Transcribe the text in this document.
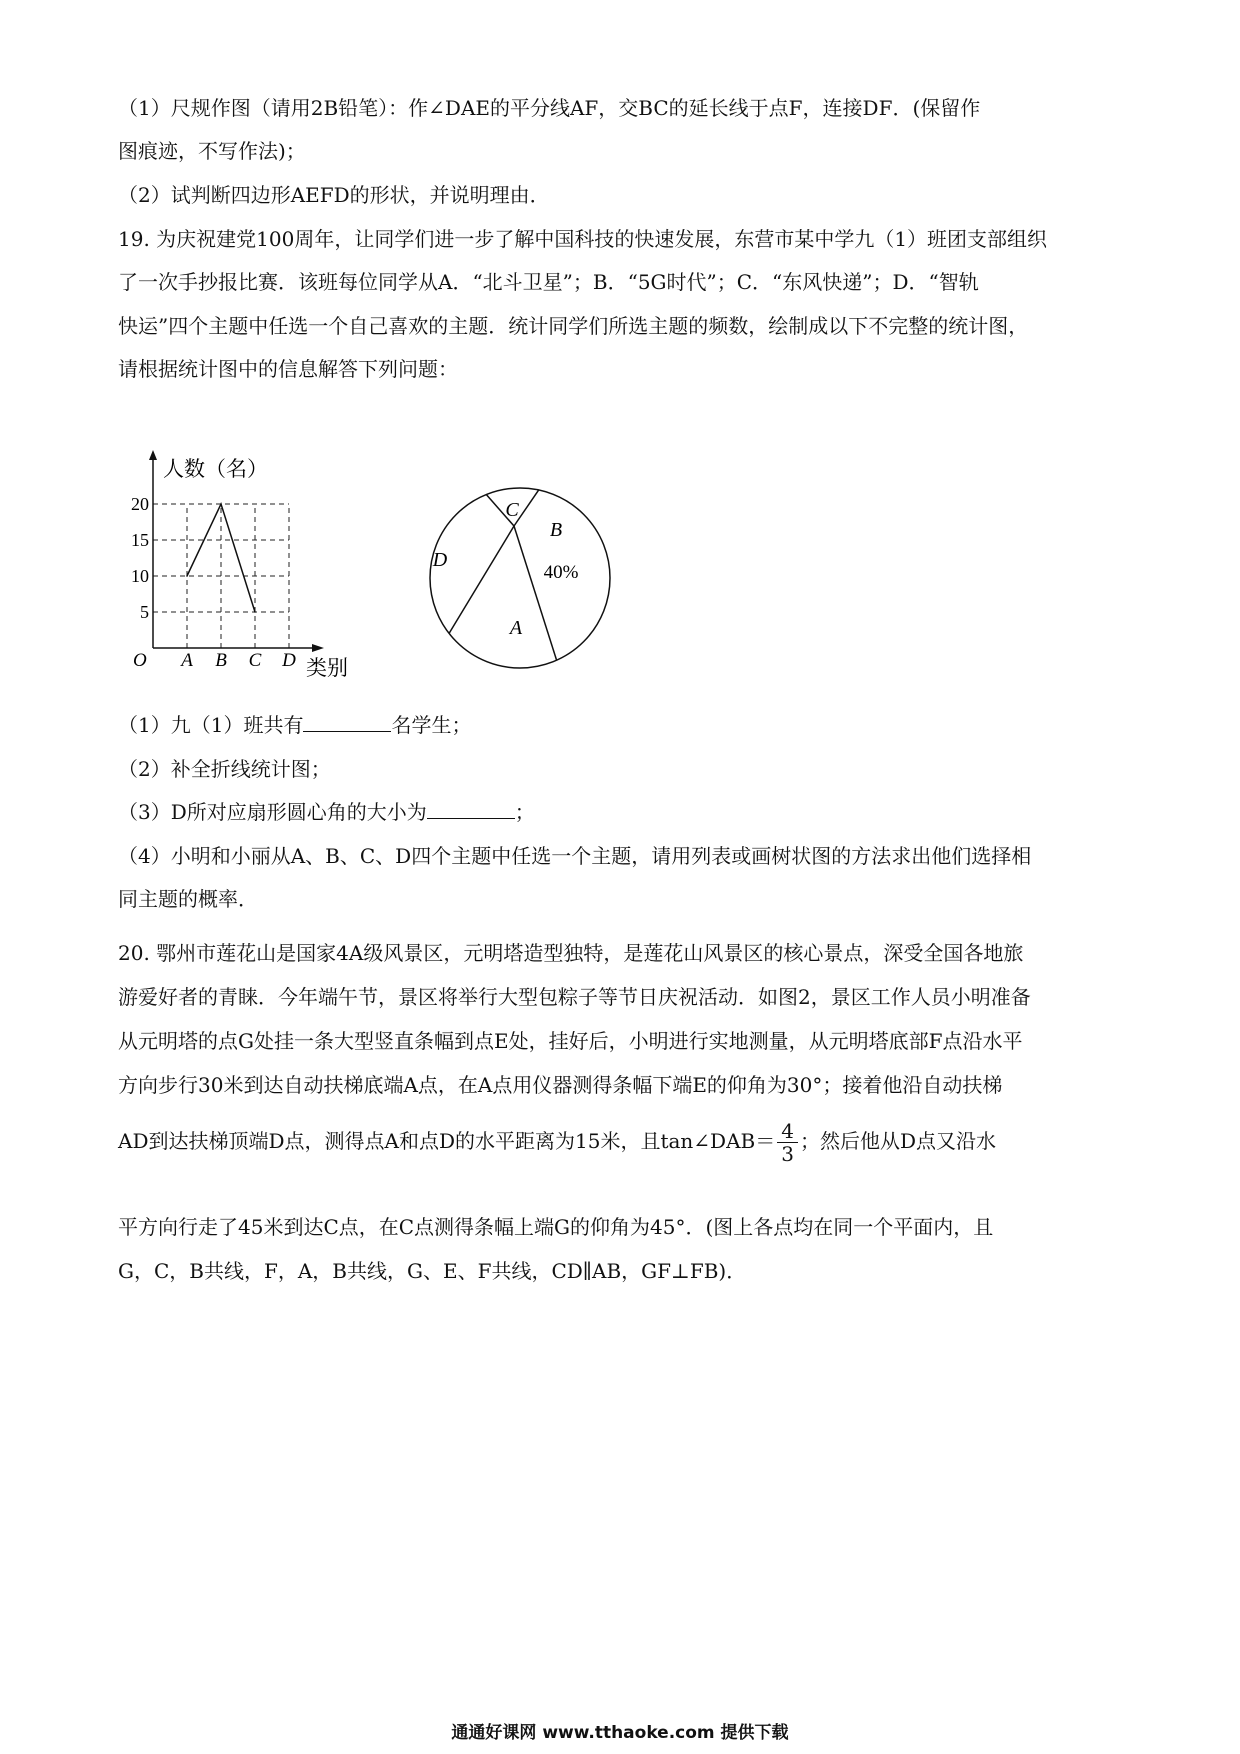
（1）尺规作图（请用2B铅笔）：作∠DAE的平分线AF，交BC的延长线于点F，连接DF．(保留作
图痕迹，不写作法)；
（2）试判断四边形AEFD的形状，并说明理由．
19. 为庆祝建党100周年，让同学们进一步了解中国科技的快速发展，东营市某中学九（1）班团支部组织
了一次手抄报比赛．该班每位同学从A．“北斗卫星”；B．“5G时代”；C．“东风快递”；D．“智轨
快运”四个主题中任选一个自己喜欢的主题．统计同学们所选主题的频数，绘制成以下不完整的统计图，
请根据统计图中的信息解答下列问题：
人数（名）
类别
O
5
10
15
20
A B C D
C
B
D
A
40%
（1）九（1）班共有	名学生；
（2）补全折线统计图；
（3）D所对应扇形圆心角的大小为	；
（4）小明和小丽从A、B、C、D四个主题中任选一个主题，请用列表或画树状图的方法求出他们选择相
同主题的概率．
20. 鄂州市莲花山是国家4A级风景区，元明塔造型独特，是莲花山风景区的核心景点，深受全国各地旅
游爱好者的青睐．今年端午节，景区将举行大型包粽子等节日庆祝活动．如图2，景区工作人员小明准备
从元明塔的点G处挂一条大型竖直条幅到点E处，挂好后，小明进行实地测量，从元明塔底部F点沿水平
方向步行30米到达自动扶梯底端A点，在A点用仪器测得条幅下端E的仰角为30°；接着他沿自动扶梯
AD到达扶梯顶端D点，测得点A和点D的水平距离为15米，且tan∠DAB＝ $\frac{4}{3}$ ；然后他从D点又沿水
平方向行走了45米到达C点，在C点测得条幅上端G的仰角为45°．(图上各点均在同一个平面内，且
G，C，B共线，F，A，B共线，G、E、F共线，CD∥AB，GF⊥FB)．
通通好课网 www.tthaoke.com 提供下载
